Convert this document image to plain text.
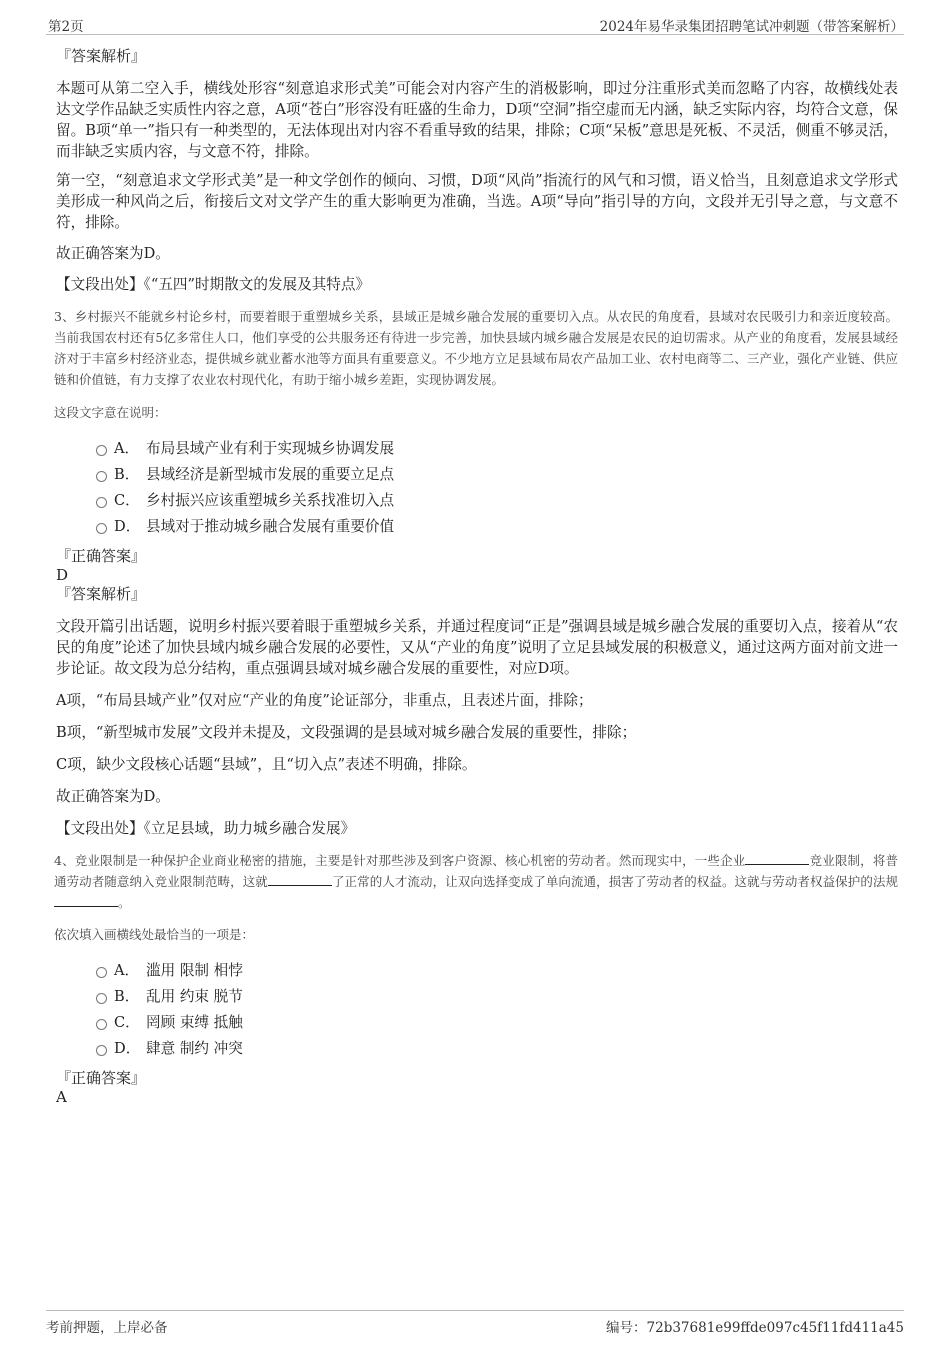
第2页	2024年易华录集团招聘笔试冲刺题（带答案解析）
『答案解析』

本题可从第二空入手，横线处形容“刻意追求形式美”可能会对内容产生的消极影响，即过分注重形式美而忽略了内容，故横线处表达文学作品缺乏实质性内容之意，A项“苍白”形容没有旺盛的生命力，D项“空洞”指空虚而无内涵，缺乏实际内容，均符合文意，保留。B项“单一”指只有一种类型的，无法体现出对内容不看重导致的结果，排除；C项“呆板”意思是死板、不灵活，侧重不够灵活，而非缺乏实质内容，与文意不符，排除。

第一空，“刻意追求文学形式美”是一种文学创作的倾向、习惯，D项“风尚”指流行的风气和习惯，语义恰当，且刻意追求文学形式美形成一种风尚之后，衔接后文对文学产生的重大影响更为准确，当选。A项“导向”指引导的方向，文段并无引导之意，与文意不符，排除。

故正确答案为D。

【文段出处】《“五四”时期散文的发展及其特点》

3、乡村振兴不能就乡村论乡村，而要着眼于重塑城乡关系，县域正是城乡融合发展的重要切入点。从农民的角度看，县域对农民吸引力和亲近度较高。当前我国农村还有5亿多常住人口，他们享受的公共服务还有待进一步完善，加快县域内城乡融合发展是农民的迫切需求。从产业的角度看，发展县域经济对于丰富乡村经济业态，提供城乡就业蓄水池等方面具有重要意义。不少地方立足县域布局农产品加工业、农村电商等二、三产业，强化产业链、供应链和价值链，有力支撑了农业农村现代化，有助于缩小城乡差距，实现协调发展。

这段文字意在说明：

A． 布局县域产业有利于实现城乡协调发展
B． 县域经济是新型城市发展的重要立足点
C． 乡村振兴应该重塑城乡关系找准切入点
D． 县域对于推动城乡融合发展有重要价值
『正确答案』
D
『答案解析』

文段开篇引出话题，说明乡村振兴要着眼于重塑城乡关系，并通过程度词“正是”强调县域是城乡融合发展的重要切入点，接着从“农民的角度”论述了加快县域内城乡融合发展的必要性，又从“产业的角度”说明了立足县域发展的积极意义，通过这两方面对前文进一步论证。故文段为总分结构，重点强调县域对城乡融合发展的重要性，对应D项。

A项，“布局县域产业”仅对应“产业的角度”论证部分，非重点，且表述片面，排除；

B项，“新型城市发展”文段并未提及，文段强调的是县域对城乡融合发展的重要性，排除；

C项，缺少文段核心话题“县域”，且“切入点”表述不明确，排除。

故正确答案为D。

【文段出处】《立足县域，助力城乡融合发展》

4、竞业限制是一种保护企业商业秘密的措施，主要是针对那些涉及到客户资源、核心机密的劳动者。然而现实中，一些企业	竞业限制，将普通劳动者随意纳入竞业限制范畴，这就	了正常的人才流动，让双向选择变成了单向流通，损害了劳动者的权益。这就与劳动者权益保护的法规。

依次填入画横线处最恰当的一项是：

A． 滥用 限制 相悖
B． 乱用 约束 脱节
C． 罔顾 束缚 抵触
D． 肆意 制约 冲突
『正确答案』
A
考前押题，上岸必备	编号：72b37681e99ffde097c45f11fd411a45
